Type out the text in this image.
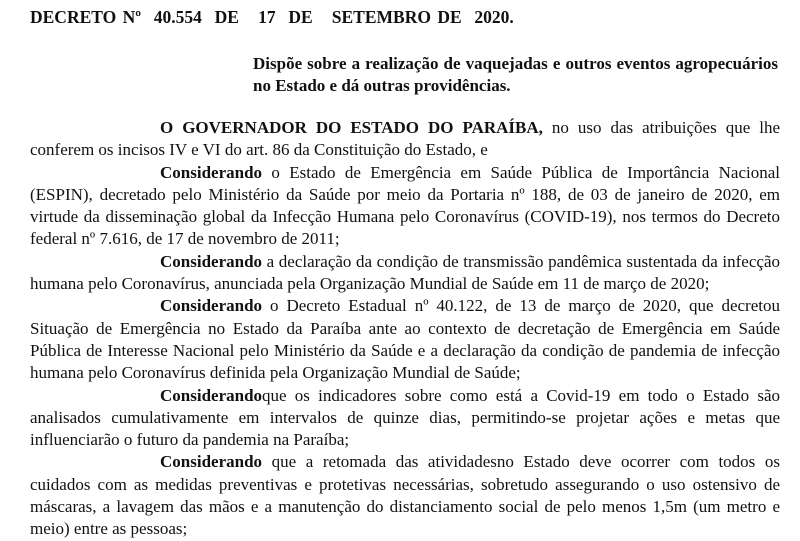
DECRETO Nº  40.554  DE   17  DE   SETEMBRO DE  2020.
Dispõe sobre a realização de vaquejadas e outros eventos agropecuários no Estado e dá outras providências.

O GOVERNADOR DO ESTADO DO PARAÍBA, no uso das atribuições que lhe conferem os incisos IV e VI do art. 86 da Constituição do Estado, e

Considerando o Estado de Emergência em Saúde Pública de Importância Nacional (ESPIN), decretado pelo Ministério da Saúde por meio da Portaria nº 188, de 03 de janeiro de 2020, em virtude da disseminação global da Infecção Humana pelo Coronavírus (COVID-19), nos termos do Decreto federal nº 7.616, de 17 de novembro de 2011;

Considerando a declaração da condição de transmissão pandêmica sustentada da infecção humana pelo Coronavírus, anunciada pela Organização Mundial de Saúde em 11 de março de 2020;

Considerando o Decreto Estadual nº 40.122, de 13 de março de 2020, que decretou Situação de Emergência no Estado da Paraíba ante ao contexto de decretação de Emergência em Saúde Pública de Interesse Nacional pelo Ministério da Saúde e a declaração da condição de pandemia de infecção humana pelo Coronavírus definida pela Organização Mundial de Saúde;

Considerandoque os indicadores sobre como está a Covid-19 em todo o Estado são analisados cumulativamente em intervalos de quinze dias, permitindo-se projetar ações e metas que influenciarão o futuro da pandemia na Paraíba;

Considerando que a retomada das atividadesno Estado deve ocorrer com todos os cuidados com as medidas preventivas e protetivas necessárias, sobretudo assegurando o uso ostensivo de máscaras, a lavagem das mãos e a manutenção do distanciamento social de pelo menos 1,5m (um metro e meio) entre as pessoas;
